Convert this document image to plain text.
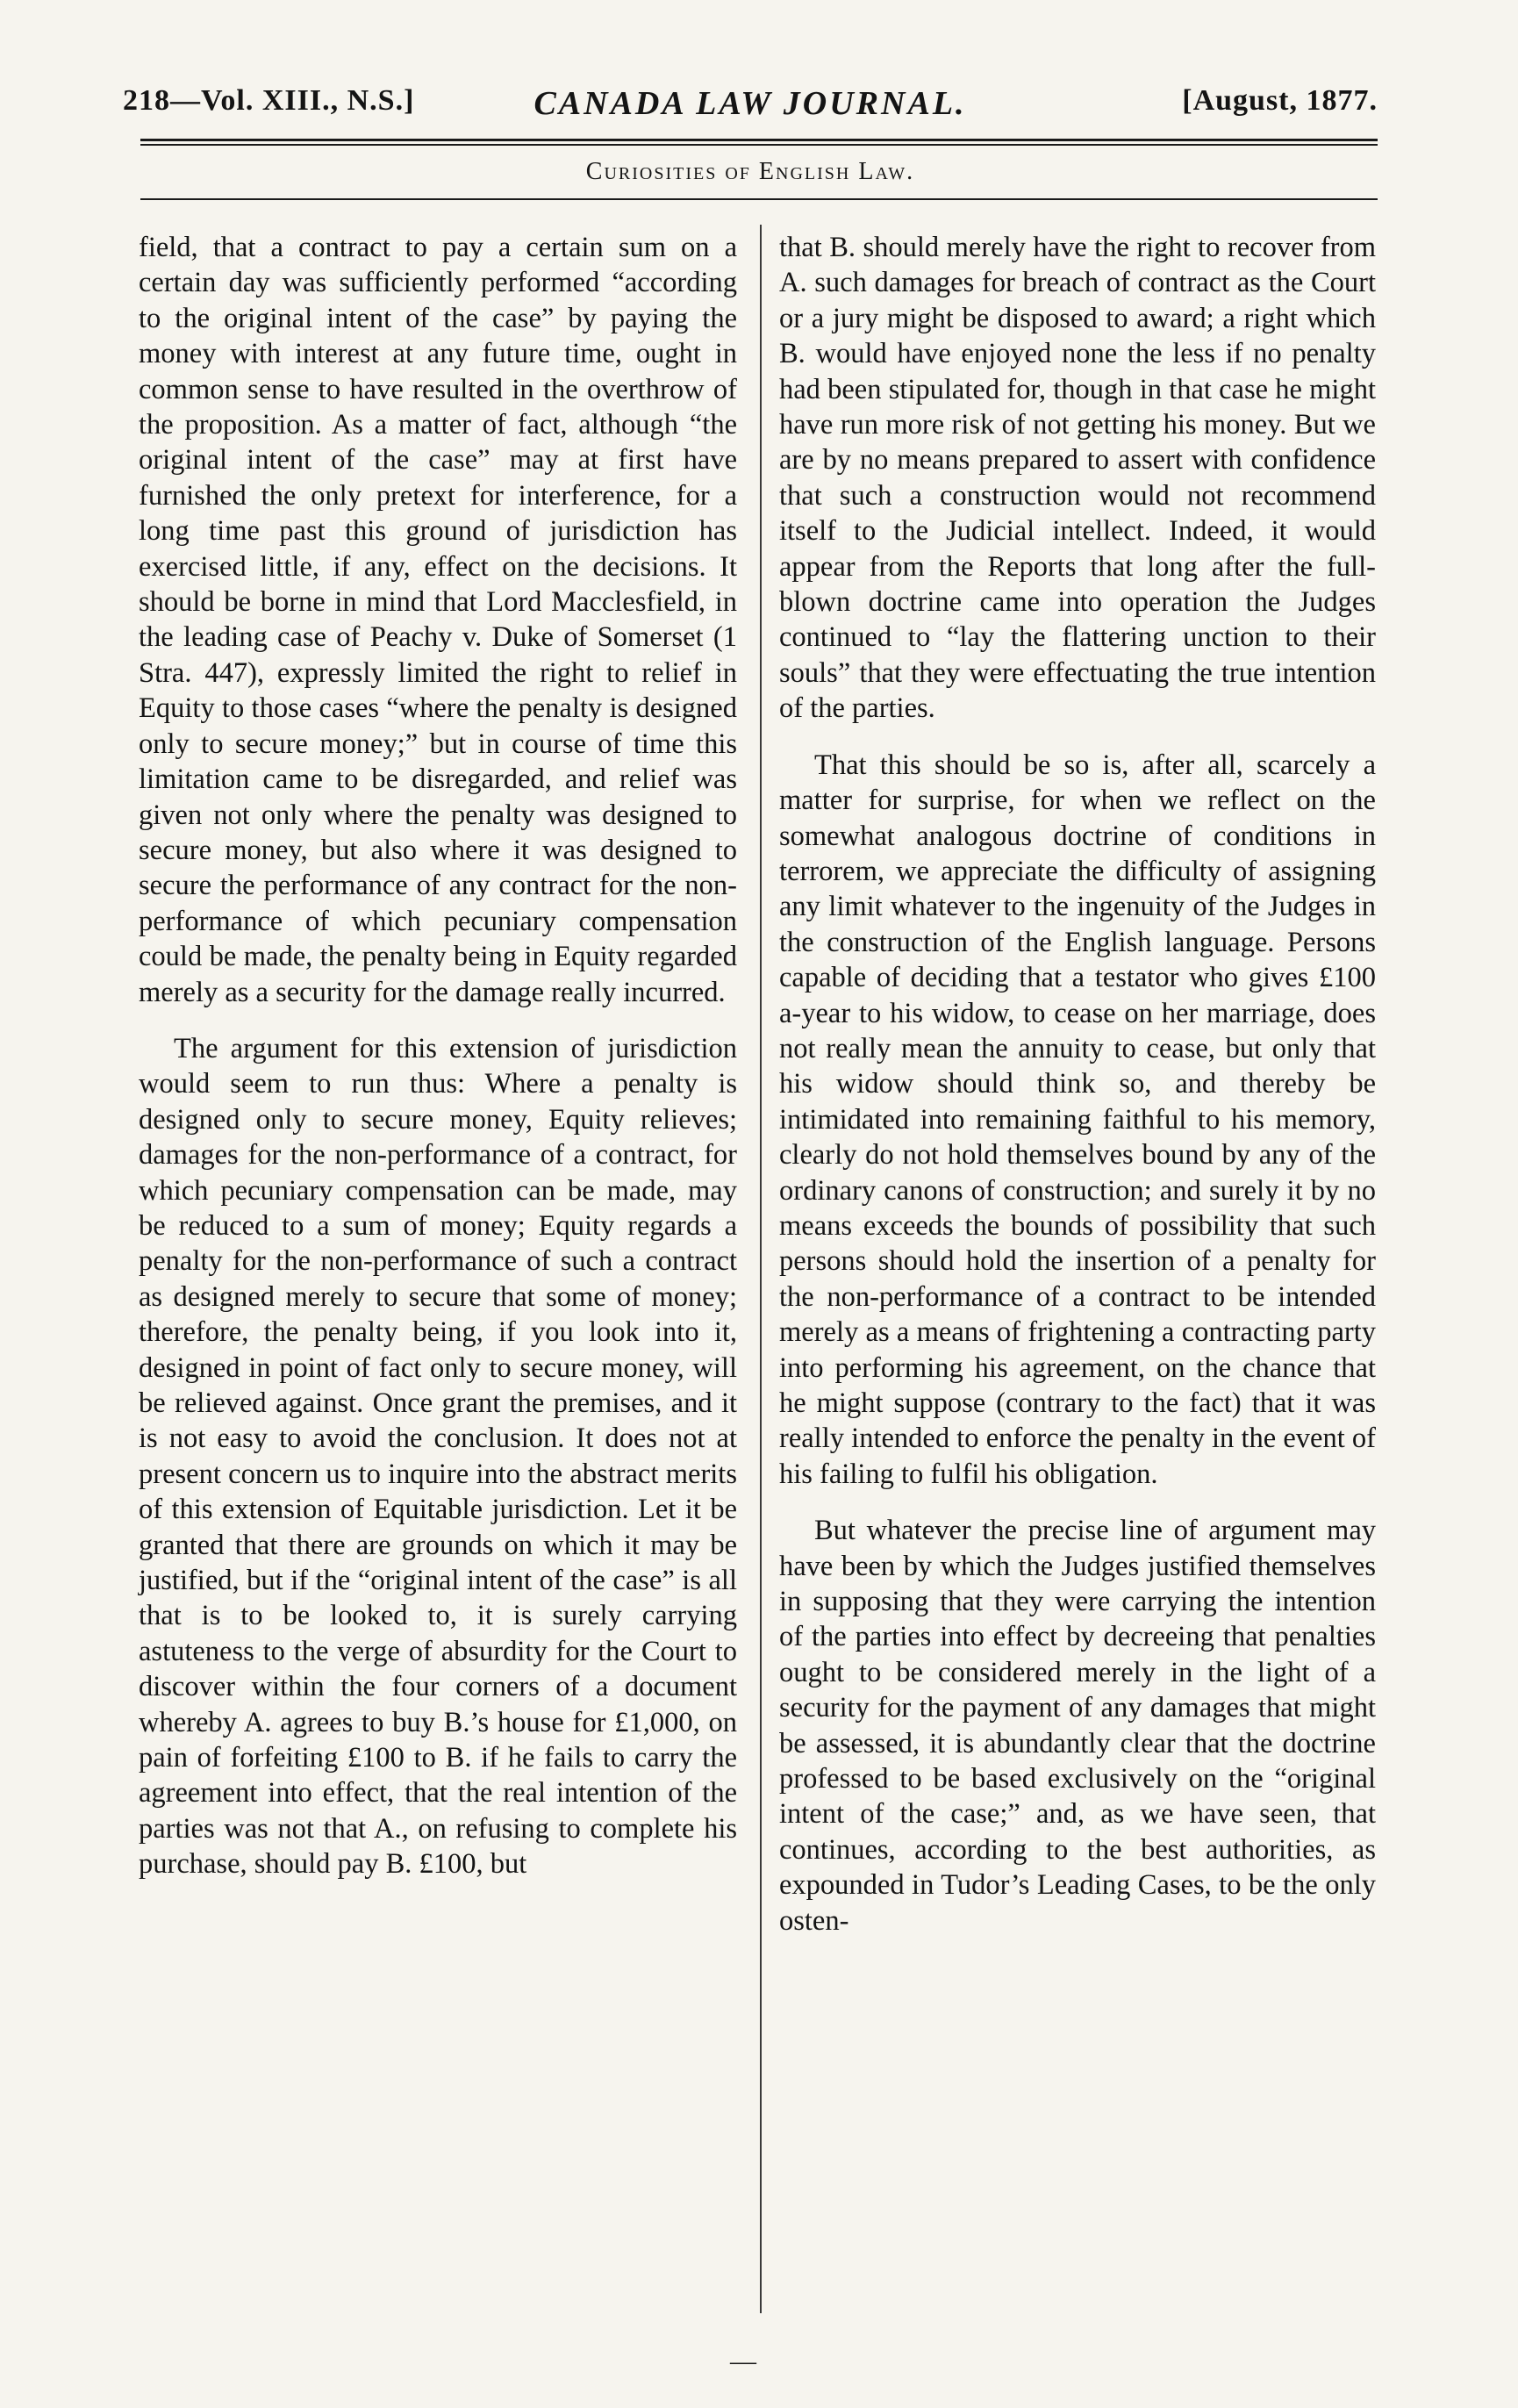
218—Vol. XIII., N.S.]	CANADA LAW JOURNAL.	[August, 1877.
Curiosities of English Law.

field, that a contract to pay a certain sum on a certain day was sufficiently performed “according to the original intent of the case” by paying the money with interest at any future time, ought in common sense to have resulted in the overthrow of the proposition. As a matter of fact, although “the original intent of the case” may at first have furnished the only pretext for interference, for a long time past this ground of jurisdiction has exercised little, if any, effect on the decisions. It should be borne in mind that Lord Macclesfield, in the leading case of Peachy v. Duke of Somerset (1 Stra. 447), expressly limited the right to relief in Equity to those cases “where the penalty is designed only to secure money;” but in course of time this limitation came to be disregarded, and relief was given not only where the penalty was designed to secure money, but also where it was designed to secure the performance of any contract for the non-performance of which pecuniary compensation could be made, the penalty being in Equity regarded merely as a security for the damage really incurred.

The argument for this extension of jurisdiction would seem to run thus: Where a penalty is designed only to secure money, Equity relieves; damages for the non-performance of a contract, for which pecuniary compensation can be made, may be reduced to a sum of money; Equity regards a penalty for the non-performance of such a contract as designed merely to secure that some of money; therefore, the penalty being, if you look into it, designed in point of fact only to secure money, will be relieved against. Once grant the premises, and it is not easy to avoid the conclusion. It does not at present concern us to inquire into the abstract merits of this extension of Equitable jurisdiction. Let it be granted that there are grounds on which it may be justified, but if the “original intent of the case” is all that is to be looked to, it is surely carrying astuteness to the verge of absurdity for the Court to discover within the four corners of a document whereby A. agrees to buy B.’s house for £1,000, on pain of forfeiting £100 to B. if he fails to carry the agreement into effect, that the real intention of the parties was not that A., on refusing to complete his purchase, should pay B. £100, but

that B. should merely have the right to recover from A. such damages for breach of contract as the Court or a jury might be disposed to award; a right which B. would have enjoyed none the less if no penalty had been stipulated for, though in that case he might have run more risk of not getting his money. But we are by no means prepared to assert with confidence that such a construction would not recommend itself to the Judicial intellect. Indeed, it would appear from the Reports that long after the full-blown doctrine came into operation the Judges continued to “lay the flattering unction to their souls” that they were effectuating the true intention of the parties.

That this should be so is, after all, scarcely a matter for surprise, for when we reflect on the somewhat analogous doctrine of conditions in terrorem, we appreciate the difficulty of assigning any limit whatever to the ingenuity of the Judges in the construction of the English language. Persons capable of deciding that a testator who gives £100 a-year to his widow, to cease on her marriage, does not really mean the annuity to cease, but only that his widow should think so, and thereby be intimidated into remaining faithful to his memory, clearly do not hold themselves bound by any of the ordinary canons of construction; and surely it by no means exceeds the bounds of possibility that such persons should hold the insertion of a penalty for the non-performance of a contract to be intended merely as a means of frightening a contracting party into performing his agreement, on the chance that he might suppose (contrary to the fact) that it was really intended to enforce the penalty in the event of his failing to fulfil his obligation.

But whatever the precise line of argument may have been by which the Judges justified themselves in supposing that they were carrying the intention of the parties into effect by decreeing that penalties ought to be considered merely in the light of a security for the payment of any damages that might be assessed, it is abundantly clear that the doctrine professed to be based exclusively on the “original intent of the case;” and, as we have seen, that continues, according to the best authorities, as expounded in Tudor’s Leading Cases, to be the only osten-

—
